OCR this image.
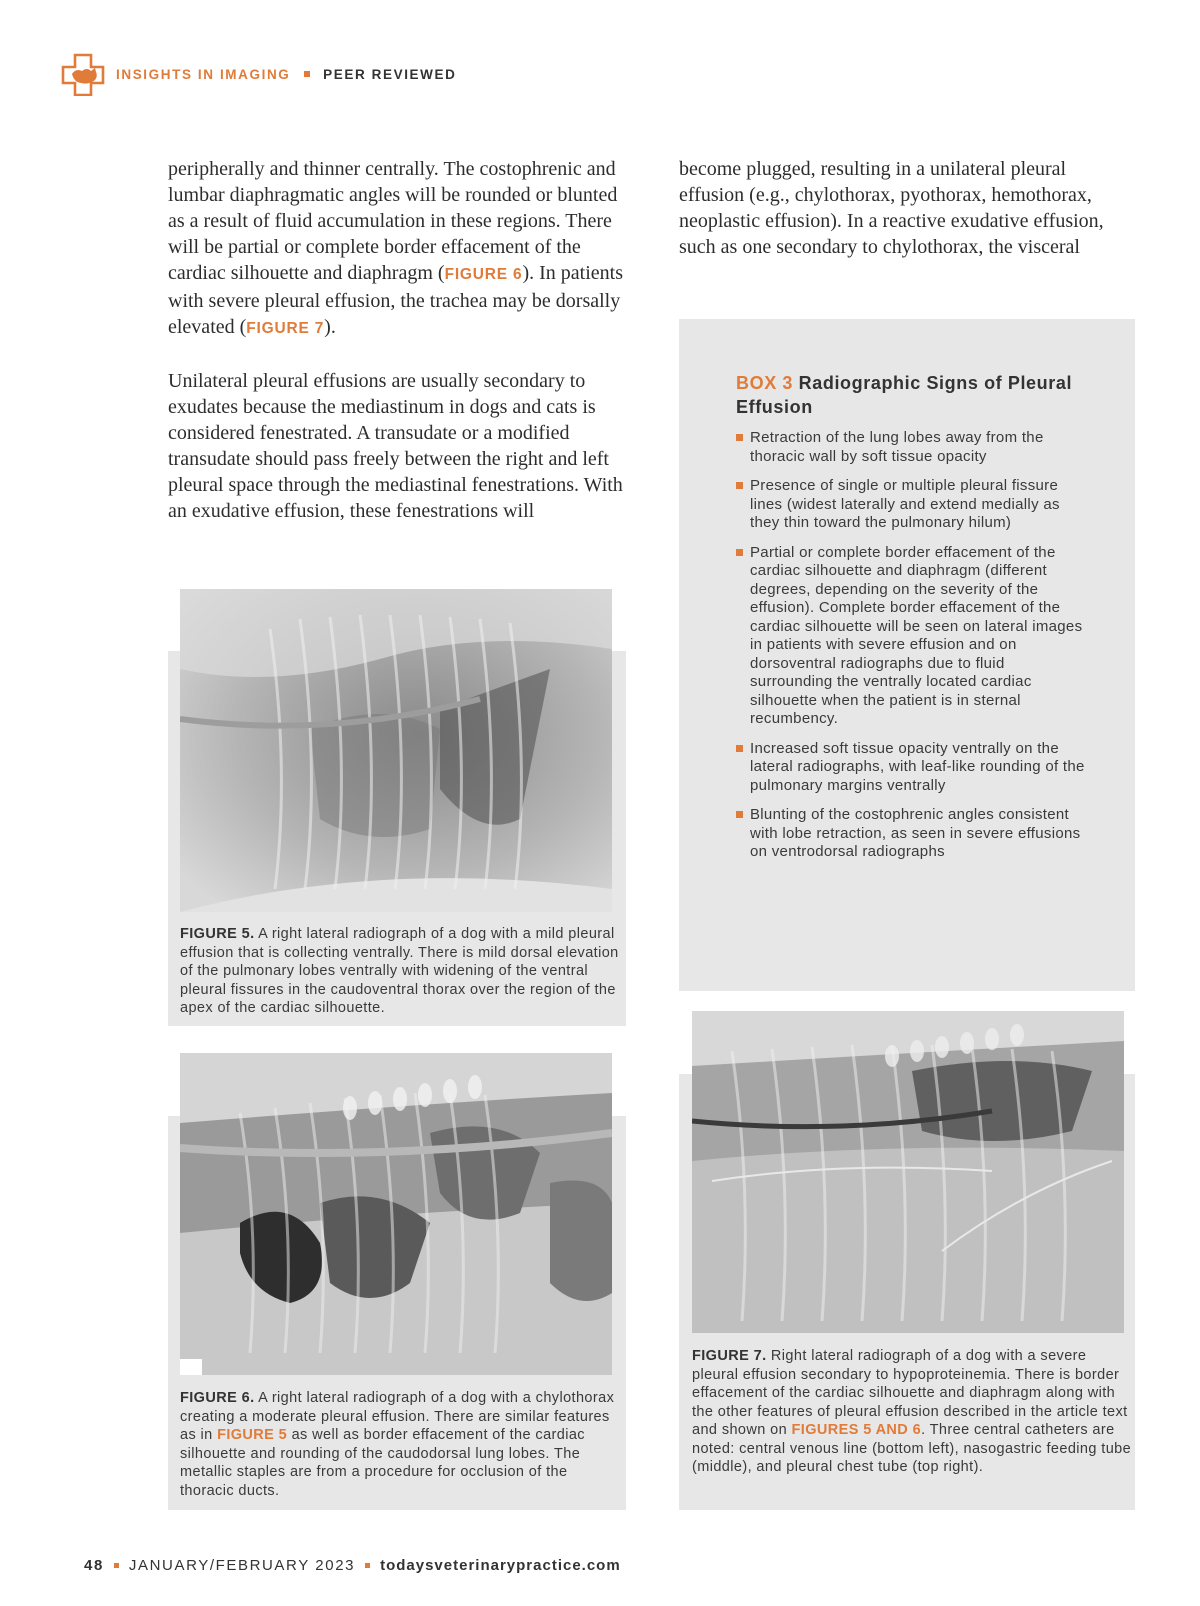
INSIGHTS IN IMAGING PEER REVIEWED

peripherally and thinner centrally. The costophrenic and lumbar diaphragmatic angles will be rounded or blunted as a result of fluid accumulation in these regions. There will be partial or complete border effacement of the cardiac silhouette and diaphragm (FIGURE 6). In patients with severe pleural effusion, the trachea may be dorsally elevated (FIGURE 7).

Unilateral pleural effusions are usually secondary to exudates because the mediastinum in dogs and cats is considered fenestrated. A transudate or a modified transudate should pass freely between the right and left pleural space through the mediastinal fenestrations. With an exudative effusion, these fenestrations will

become plugged, resulting in a unilateral pleural effusion (e.g., chylothorax, pyothorax, hemothorax, neoplastic effusion). In a reactive exudative effusion, such as one secondary to chylothorax, the visceral

BOX 3 Radiographic Signs of Pleural Effusion
Retraction of the lung lobes away from the thoracic wall by soft tissue opacity
Presence of single or multiple pleural fissure lines (widest laterally and extend medially as they thin toward the pulmonary hilum)
Partial or complete border effacement of the cardiac silhouette and diaphragm (different degrees, depending on the severity of the effusion). Complete border effacement of the cardiac silhouette will be seen on lateral images in patients with severe effusion and on dorsoventral radiographs due to fluid surrounding the ventrally located cardiac silhouette when the patient is in sternal recumbency.
Increased soft tissue opacity ventrally on the lateral radiographs, with leaf-like rounding of the pulmonary margins ventrally
Blunting of the costophrenic angles consistent with lobe retraction, as seen in severe effusions on ventrodorsal radiographs
FIGURE 5. A right lateral radiograph of a dog with a mild pleural effusion that is collecting ventrally. There is mild dorsal elevation of the pulmonary lobes ventrally with widening of the ventral pleural fissures in the caudoventral thorax over the region of the apex of the cardiac silhouette.
FIGURE 6. A right lateral radiograph of a dog with a chylothorax creating a moderate pleural effusion. There are similar features as in FIGURE 5 as well as border effacement of the cardiac silhouette and rounding of the caudodorsal lung lobes. The metallic staples are from a procedure for occlusion of the thoracic ducts.
FIGURE 7. Right lateral radiograph of a dog with a severe pleural effusion secondary to hypoproteinemia. There is border effacement of the cardiac silhouette and diaphragm along with the other features of pleural effusion described in the article text and shown on FIGURES 5 AND 6. Three central catheters are noted: central venous line (bottom left), nasogastric feeding tube (middle), and pleural chest tube (top right).
48 JANUARY/FEBRUARY 2023 todaysveterinarypractice.com
